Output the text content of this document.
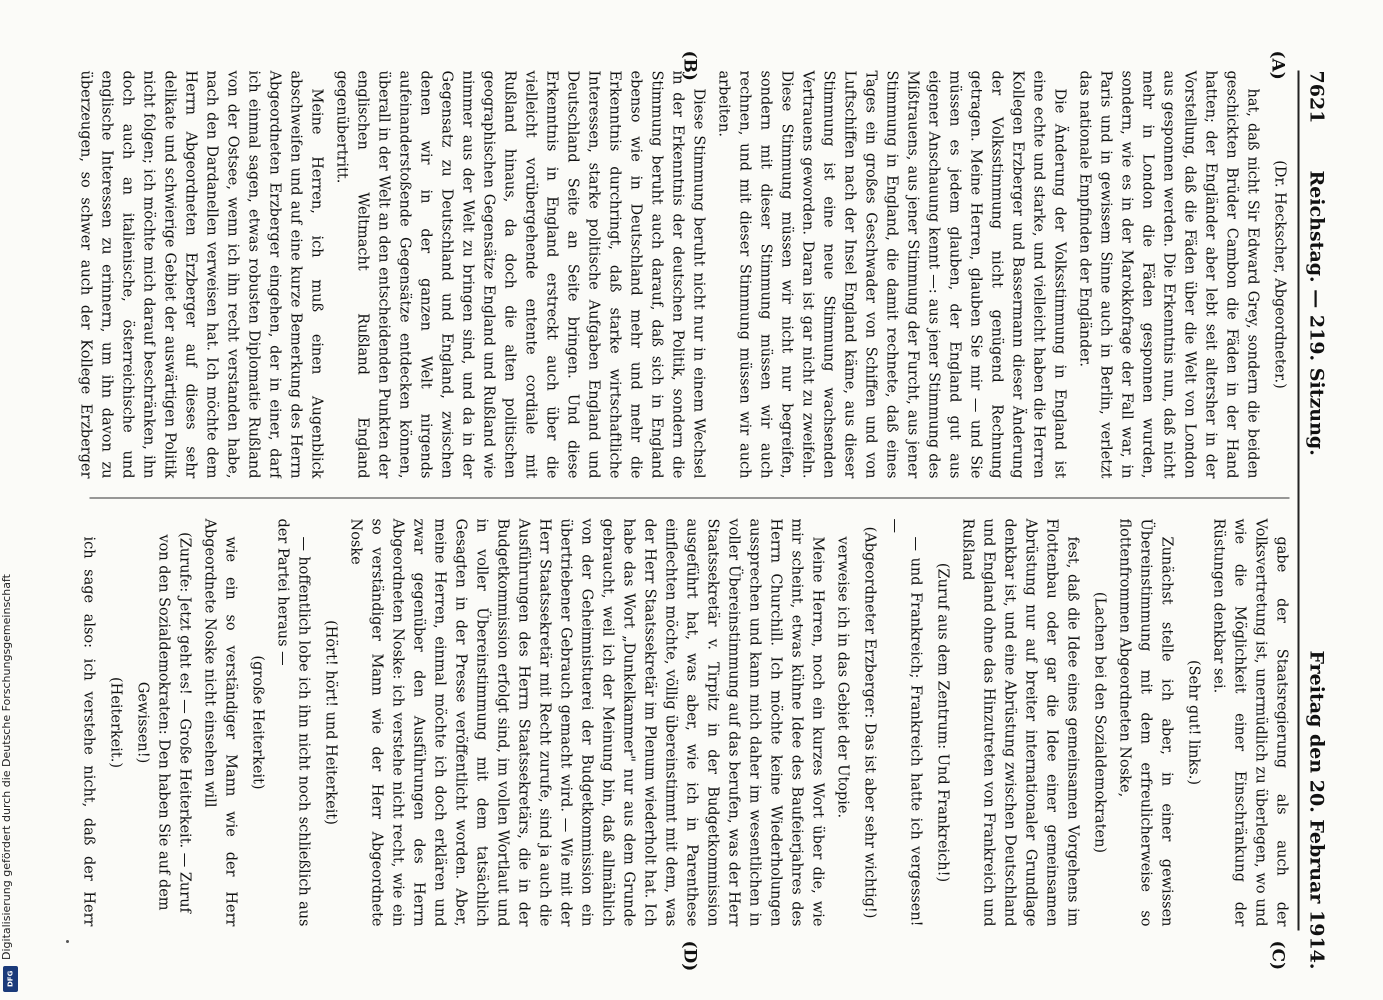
7621
Reichstag. — 219. Sitzung.
Freitag den 20. Februar 1914.
(A)
(B)
(C)
(D)

(Dr. Heckscher, Abgeordneter.)

hat, daß nicht Sir Edward Grey, sondern die beiden geschickten Brüder Cambon die Fäden in der Hand hatten; der Engländer aber lebt seit altersher in der Vorstellung, daß die Fäden über die Welt von London aus gesponnen werden. Die Erkenntnis nun, daß nicht mehr in London die Fäden gesponnen wurden, sondern, wie es in der Marokkofrage der Fall war, in Paris und in gewissem Sinne auch in Berlin, verletzt das nationale Empfinden der Engländer.

Die Änderung der Volksstimmung in England ist eine echte und starke, und vielleicht haben die Herren Kollegen Erzberger und Bassermann dieser Änderung der Volksstimmung nicht genügend Rechnung getragen. Meine Herren, glauben Sie mir — und Sie müssen es jedem glauben, der England gut aus eigener Anschauung kennt —: aus jener Stimmung des Mißtrauens, aus jener Stimmung der Furcht, aus jener Stimmung in England, die damit rechnete, daß eines Tages ein großes Geschwader von Schiffen und von Luftschiffen nach der Insel England käme, aus dieser Stimmung ist eine neue Stimmung wachsenden Vertrauens geworden. Daran ist gar nicht zu zweifeln. Diese Stimmung müssen wir nicht nur begreifen, sondern mit dieser Stimmung müssen wir auch rechnen, und mit dieser Stimmung müssen wir auch arbeiten.

Diese Stimmung beruht nicht nur in einem Wechsel in der Erkenntnis der deutschen Politik, sondern die Stimmung beruht auch darauf, daß sich in England ebenso wie in Deutschland mehr und mehr die Erkenntnis durchringt, daß starke wirtschaftliche Interessen, starke politische Aufgaben England und Deutschland Seite an Seite bringen. Und diese Erkenntnis in England erstreckt auch über die vielleicht vorübergehende entente cordiale mit Rußland hinaus, da doch die alten politischen geographischen Gegensätze England und Rußland wie nimmer aus der Welt zu bringen sind, und da in der Gegensatz zu Deutschland und England, zwischen denen wir in der ganzen Welt nirgends aufeinanderstoßende Gegensätze entdecken können, überall in der Welt an den entscheidenden Punkten der englischen Weltmacht Rußland England gegenübertritt.

Meine Herren, ich muß einen Augenblick abschweifen und auf eine kurze Bemerkung des Herrn Abgeordneten Erzberger eingehen, der in einer, darf ich einmal sagen, etwas robusten Diplomatie Rußland von der Ostsee, wenn ich ihn recht verstanden habe, nach den Dardanellen verweisen hat. Ich möchte dem Herrn Abgeordneten Erzberger auf dieses sehr delikate und schwierige Gebiet der auswärtigen Politik nicht folgen; ich möchte mich darauf beschränken, ihn doch auch an italienische, österreichische und englische Interessen zu erinnern, um ihn davon zu überzeugen, so schwer auch der Kollege Erzberger

gabe der Staatsregierung als auch der Volksvertretung ist, unermüdlich zu überlegen, wo und wie die Möglichkeit einer Einschränkung der Rüstungen denkbar sei.

(Sehr gut! links.)

Zunächst stelle ich aber, in einer gewissen Übereinstimmung mit dem erfreulicherweise so flottenfrommen Abgeordneten Noske,

(Lachen bei den Sozialdemokraten)

fest, daß die Idee eines gemeinsamen Vorgehens im Flottenbau oder gar die Idee einer gemeinsamen Abrüstung nur auf breiter internationaler Grundlage denkbar ist, und eine Abrüstung zwischen Deutschland und England ohne das Hinzutreten von Frankreich und Rußland

(Zuruf aus dem Zentrum: Und Frankreich!)

— und Frankreich; Frankreich hatte ich vergessen! —

(Abgeordneter Erzberger: Das ist aber sehr wichtig!)

verweise ich in das Gebiet der Utopie.

Meine Herren, noch ein kurzes Wort über die, wie mir scheint, etwas kühne Idee des Baufeierjahres des Herrn Churchill. Ich möchte keine Wiederholungen aussprechen und kann mich daher im wesentlichen in voller Übereinstimmung auf das berufen, was der Herr Staatssekretär v. Tirpitz in der Budgetkommission ausgeführt hat, was aber, wie ich in Parenthese einflechten möchte, völlig übereinstimmt mit dem, was der Herr Staatssekretär im Plenum wiederholt hat. Ich habe das Wort „Dunkelkammer" nur aus dem Grunde gebraucht, weil ich der Meinung bin, daß allmählich von der Geheimnistuerei der Budgetkommission ein übertriebener Gebrauch gemacht wird. — Wie mit der Herr Staatssekretär mit Recht zurufe, sind ja auch die Ausführungen des Herrn Staatssekretärs, die in der Budgetkommission erfolgt sind, im vollen Wortlaut und in voller Übereinstimmung mit dem tatsächlich Gesagten in der Presse veröffentlicht worden. Aber, meine Herren, einmal möchte ich doch erklären und zwar gegenüber den Ausführungen des Herrn Abgeordneten Noske: ich verstehe nicht recht, wie ein so verständiger Mann wie der Herr Abgeordnete Noske

(Hört! hört! und Heiterkeit)

— hoffentlich lobe ich ihn nicht noch schließlich aus der Partei heraus —

(große Heiterkeit)

wie ein so verständiger Mann wie der Herr Abgeordnete Noske nicht einsehen will

(Zurufe: Jetzt geht es! — Große Heiterkeit. — Zuruf von den Sozialdemokraten: Den haben Sie auf dem Gewissen!)

(Heiterkeit.)

ich sage also: ich verstehe nicht, daß der Herr

Digitalisierung gefördert durch die Deutsche Forschungsgemeinschaft
DFG
